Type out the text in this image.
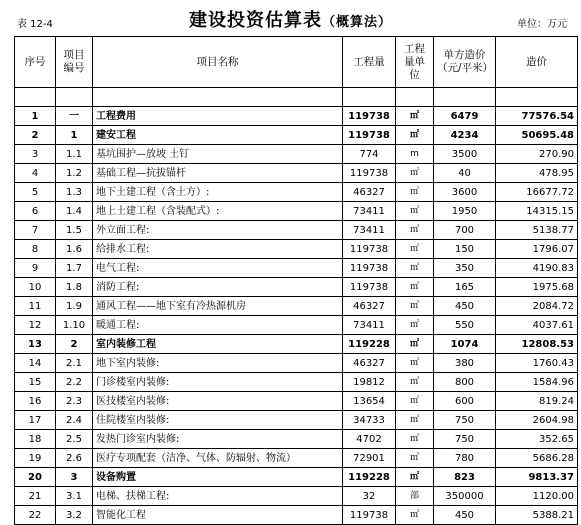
表 12-4	建设投资估算表（概算法）	单位：万元
序号	项目编号	项目名称	工程量	工程量单位	单方造价（元/平米）	造价

1	一	工程费用	119738	㎡	6479	77576.54
2	1	建安工程	119738	㎡	4234	50695.48
3	1.1	基坑围护—放坡 土钉	774	m	3500	270.90
4	1.2	基础工程—抗拔锚杆	119738	㎡	40	478.95
5	1.3	地下土建工程（含土方）:	46327	㎡	3600	16677.72
6	1.4	地上土建工程（含装配式）:	73411	㎡	1950	14315.15
7	1.5	外立面工程:	73411	㎡	700	5138.77
8	1.6	给排水工程:	119738	㎡	150	1796.07
9	1.7	电气工程:	119738	㎡	350	4190.83
10	1.8	消防工程:	119738	㎡	165	1975.68
11	1.9	通风工程——地下室有冷热源机房	46327	㎡	450	2084.72
12	1.10	暖通工程:	73411	㎡	550	4037.61
13	2	室内装修工程	119228	㎡	1074	12808.53
14	2.1	地下室内装修:	46327	㎡	380	1760.43
15	2.2	门诊楼室内装修:	19812	㎡	800	1584.96
16	2.3	医技楼室内装修:	13654	㎡	600	819.24
17	2.4	住院楼室内装修:	34733	㎡	750	2604.98
18	2.5	发热门诊室内装修:	4702	㎡	750	352.65
19	2.6	医疗专项配套（洁净、气体、防辐射、物流）	72901	㎡	780	5686.28
20	3	设备购置	119228	㎡	823	9813.37
21	3.1	电梯、扶梯工程:	32	部	350000	1120.00
22	3.2	智能化工程	119738	㎡	450	5388.21
